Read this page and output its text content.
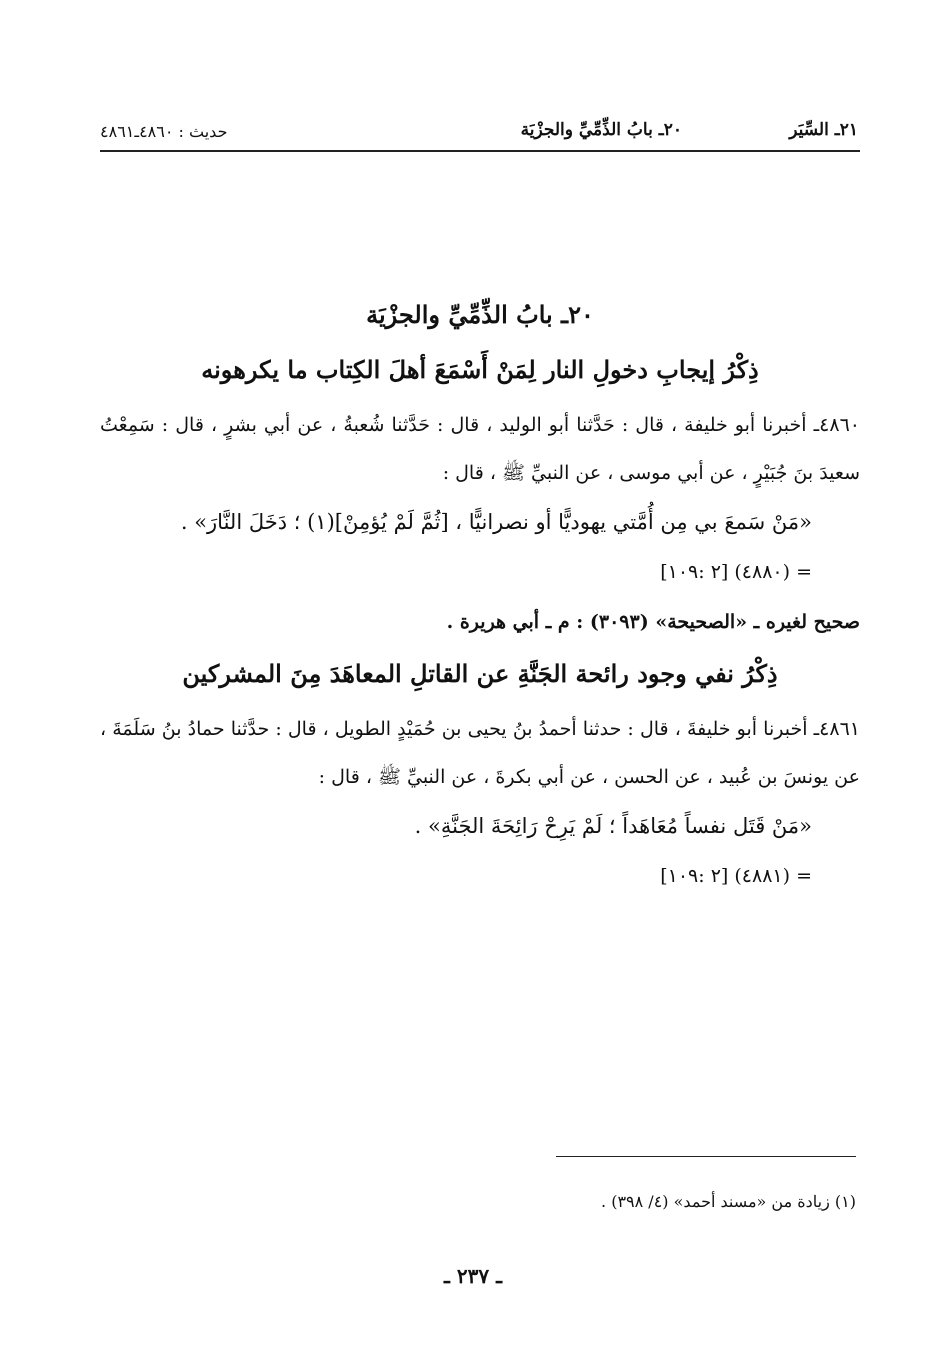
٢١ـ السِّيَر
٢٠ـ بابُ الذِّمِّيِّ والجزْيَة
حديث : ٤٨٦٠ـ٤٨٦١
٢٠ـ بابُ الذِّمِّيِّ والجزْيَة
ذِكْرُ إيجابِ دخولِ النار لِمَنْ أَسْمَعَ أهلَ الكِتاب ما يكرهونه

٤٨٦٠ـ أخبرنا أبو خليفة ، قال : حَدَّثنا أبو الوليد ، قال : حَدَّثنا شُعبةُ ، عن أبي بشرٍ ، قال : سَمِعْتُ سعيدَ بنَ جُبَيْرٍ ، عن أبي موسى ، عن النبيِّ ﷺ ، قال :

«مَنْ سَمعَ بي مِن أُمَّتي يهوديًّا أو نصرانيًّا ، [ثُمَّ لَمْ يُؤمِنْ](١) ؛ دَخَلَ النَّارَ» .

= (٤٨٨٠) [٢ :١٠٩]

صحيح لغيره ـ «الصحيحة» (٣٠٩٣) : م ـ أبي هريرة .

ذِكْرُ نفي وجود رائحة الجَنَّةِ عن القاتلِ المعاهَدَ مِنَ المشركين

٤٨٦١ـ أخبرنا أبو خليفةَ ، قال : حدثنا أحمدُ بنُ يحيى بن حُمَيْدٍ الطويل ، قال : حدَّثنا حمادُ بنُ سَلَمَةَ ، عن يونسَ بن عُبيد ، عن الحسن ، عن أبي بكرةَ ، عن النبيِّ ﷺ ، قال :

«مَنْ قَتَل نفساً مُعَاهَداً ؛ لَمْ يَرِحْ رَائِحَةَ الجَنَّةِ» .

= (٤٨٨١) [٢ :١٠٩]

(١) زيادة من «مسند أحمد» (٤/ ٣٩٨) .
ـ ٢٣٧ ـ
